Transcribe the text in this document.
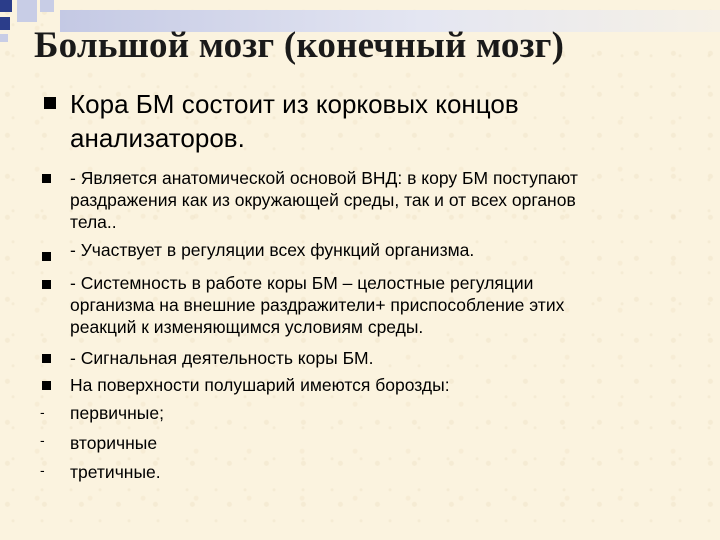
Большой мозг (конечный мозг)
Кора БМ состоит из корковых концов
анализаторов.
- Является анатомической основой ВНД: в кору БМ поступают
раздражения как из окружающей среды, так и от всех органов
тела..
- Участвует в регуляции всех функций организма.
- Системность в работе коры БМ – целостные регуляции
организма на внешние раздражители+ приспособление этих
реакций к изменяющимся условиям среды.
- Сигнальная деятельность коры БМ.
На поверхности полушарий имеются борозды:
- первичные;
- вторичные
- третичные.
